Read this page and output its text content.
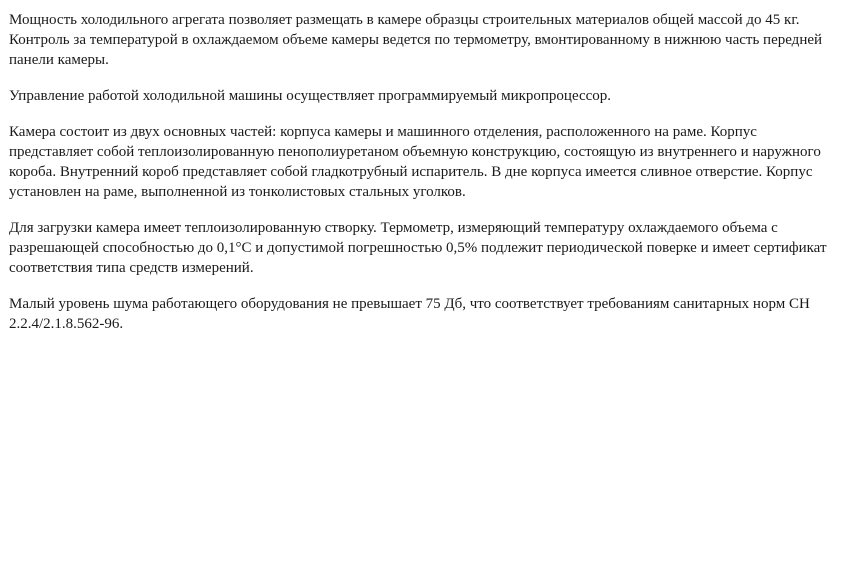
Мощность холодильного агрегата позволяет размещать в камере образцы строительных материалов общей массой до 45 кг. Контроль за температурой в охлаждаемом объеме камеры ведется по термометру, вмонтированному в нижнюю часть передней панели камеры.

Управление работой холодильной машины осуществляет программируемый микропроцессор.

Камера состоит из двух основных частей: корпуса камеры и машинного отделения, расположенного на раме. Корпус представляет собой теплоизолированную пенополиуретаном объемную конструкцию, состоящую из внутреннего и наружного короба. Внутренний короб представляет собой гладкотрубный испаритель. В дне корпуса имеется сливное отверстие. Корпус установлен на раме, выполненной из тонколистовых стальных уголков.

Для загрузки камера имеет теплоизолированную створку. Термометр, измеряющий температуру охлаждаемого объема с разрешающей способностью до 0,1°С и допустимой погрешностью 0,5% подлежит периодической поверке и имеет сертификат соответствия типа средств измерений.

Малый уровень шума работающего оборудования не превышает 75 Дб, что соответствует требованиям санитарных норм СН 2.2.4/2.1.8.562-96.
